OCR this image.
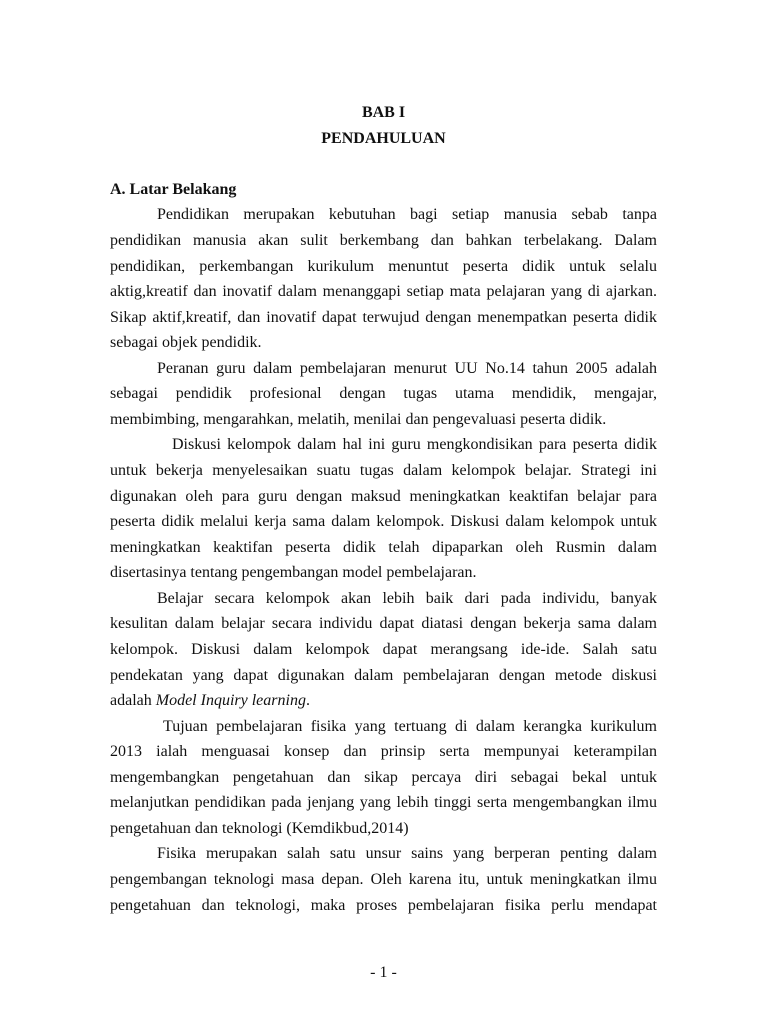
BAB I
PENDAHULUAN
A. Latar Belakang
Pendidikan merupakan kebutuhan bagi setiap manusia sebab tanpa
pendidikan manusia akan sulit berkembang dan bahkan terbelakang. Dalam
pendidikan, perkembangan kurikulum menuntut peserta didik untuk selalu
aktig,kreatif dan inovatif dalam menanggapi setiap mata pelajaran yang di ajarkan.
Sikap aktif,kreatif, dan inovatif dapat terwujud dengan menempatkan peserta didik
sebagai objek pendidik.
Peranan guru dalam pembelajaran menurut UU No.14 tahun 2005 adalah
sebagai pendidik profesional dengan tugas utama mendidik, mengajar,
membimbing, mengarahkan, melatih, menilai dan pengevaluasi peserta didik.
Diskusi kelompok dalam hal ini guru mengkondisikan para peserta didik
untuk bekerja menyelesaikan suatu tugas dalam kelompok belajar. Strategi ini
digunakan oleh para guru dengan maksud meningkatkan keaktifan belajar para
peserta didik melalui kerja sama dalam kelompok. Diskusi dalam kelompok untuk
meningkatkan keaktifan peserta didik telah dipaparkan oleh Rusmin dalam
disertasinya tentang pengembangan model pembelajaran.
Belajar secara kelompok akan lebih baik dari pada individu, banyak
kesulitan dalam belajar secara individu dapat diatasi dengan bekerja sama dalam
kelompok. Diskusi dalam kelompok dapat merangsang ide-ide. Salah satu
pendekatan yang dapat digunakan dalam pembelajaran dengan metode diskusi
adalah Model Inquiry learning.
Tujuan pembelajaran fisika yang tertuang di dalam kerangka kurikulum
2013 ialah menguasai konsep dan prinsip serta mempunyai keterampilan
mengembangkan pengetahuan dan sikap percaya diri sebagai bekal untuk
melanjutkan pendidikan pada jenjang yang lebih tinggi serta mengembangkan ilmu
pengetahuan dan teknologi (Kemdikbud,2014)
Fisika merupakan salah satu unsur sains yang berperan penting dalam
pengembangan teknologi masa depan. Oleh karena itu, untuk meningkatkan ilmu
pengetahuan dan teknologi, maka proses pembelajaran fisika perlu mendapat
- 1 -
